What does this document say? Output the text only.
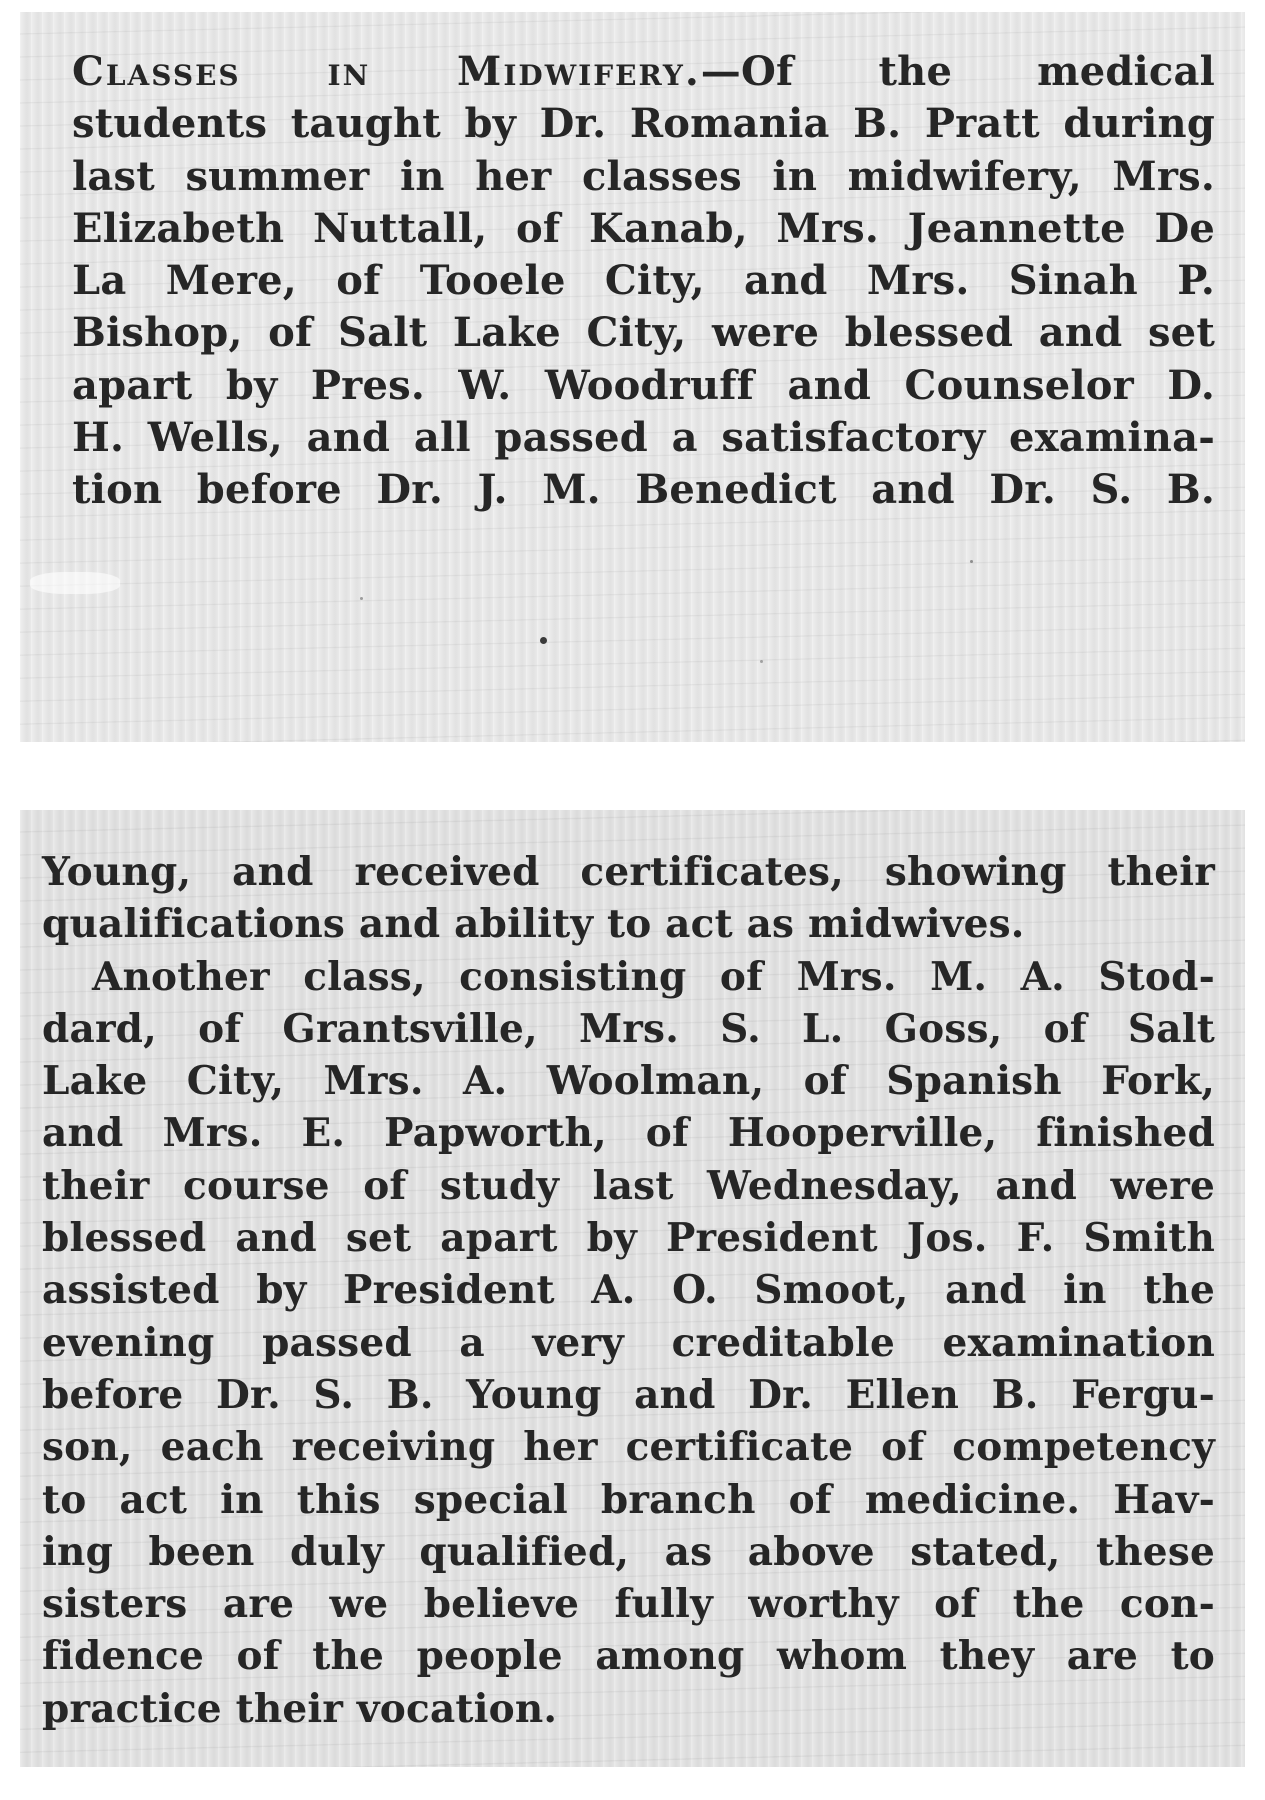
Classes in Midwifery.—Of the medical
students taught by Dr. Romania B. Pratt during
last summer in her classes in midwifery, Mrs.
Elizabeth Nuttall, of Kanab, Mrs. Jeannette De
La Mere, of Tooele City, and Mrs. Sinah P.
Bishop, of Salt Lake City, were blessed and set
apart by Pres. W. Woodruff and Counselor D.
H. Wells, and all passed a satisfactory examina-
tion before Dr. J. M. Benedict and Dr. S. B.
Young, and received certificates, showing their
qualifications and ability to act as midwives.
Another class, consisting of Mrs. M. A. Stod-
dard, of Grantsville, Mrs. S. L. Goss, of Salt
Lake City, Mrs. A. Woolman, of Spanish Fork,
and Mrs. E. Papworth, of Hooperville, finished
their course of study last Wednesday, and were
blessed and set apart by President Jos. F. Smith
assisted by President A. O. Smoot, and in the
evening passed a very creditable examination
before Dr. S. B. Young and Dr. Ellen B. Fergu-
son, each receiving her certificate of competency
to act in this special branch of medicine. Hav-
ing been duly qualified, as above stated, these
sisters are we believe fully worthy of the con-
fidence of the people among whom they are to
practice their vocation.
